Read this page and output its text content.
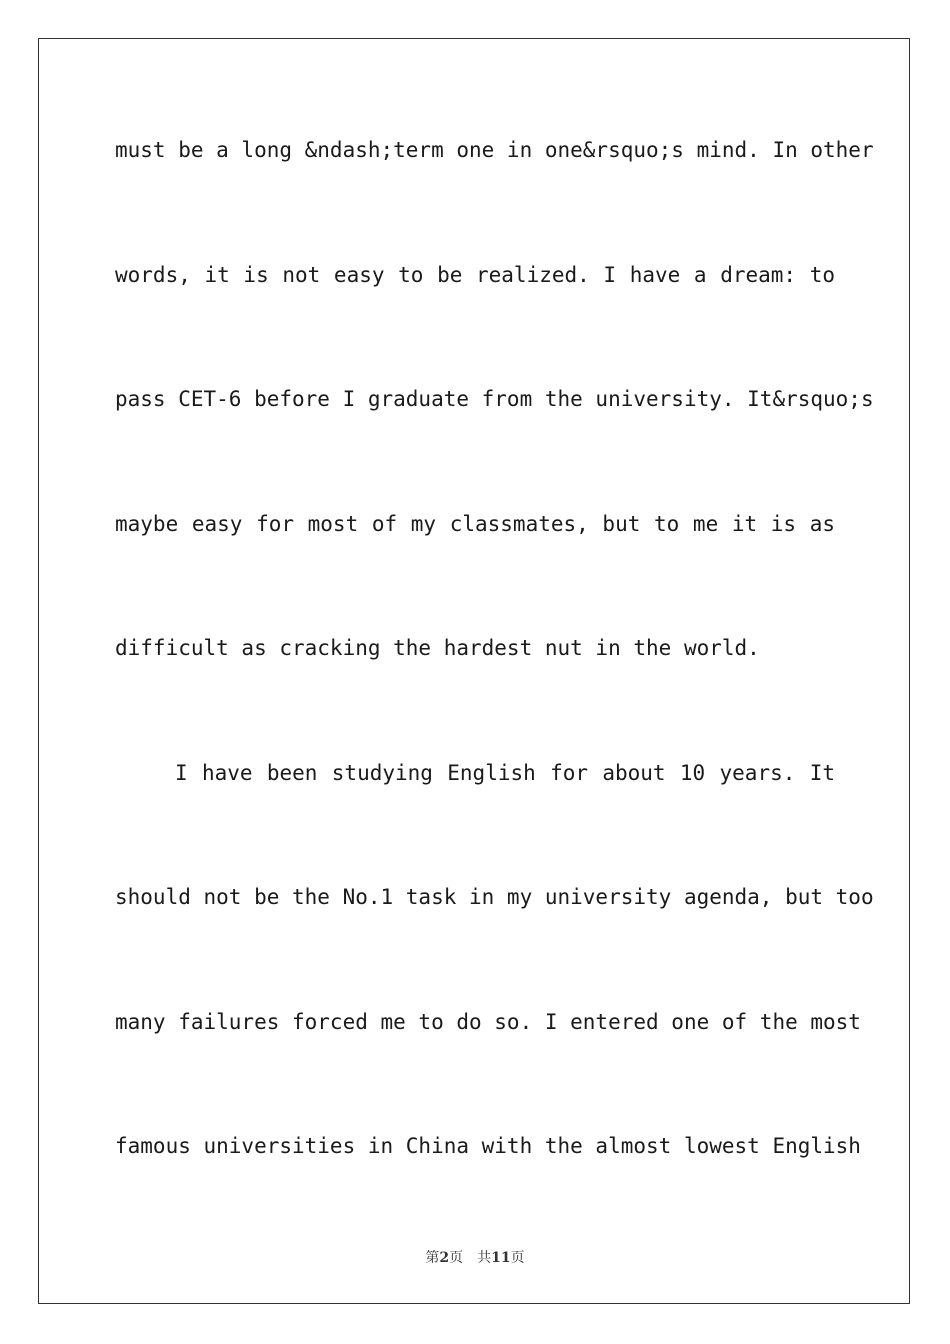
must be a long &ndash;term one in one&rsquo;s mind. In other
words, it is not easy to be realized. I have a dream: to
pass CET-6 before I graduate from the university. It&rsquo;s
maybe easy for most of my classmates, but to me it is as
difficult as cracking the hardest nut in the world.
I have been studying English for about 10 years. It
should not be the No.1 task in my university agenda, but too
many failures forced me to do so. I entered one of the most
famous universities in China with the almost lowest English
第2页 共11页
